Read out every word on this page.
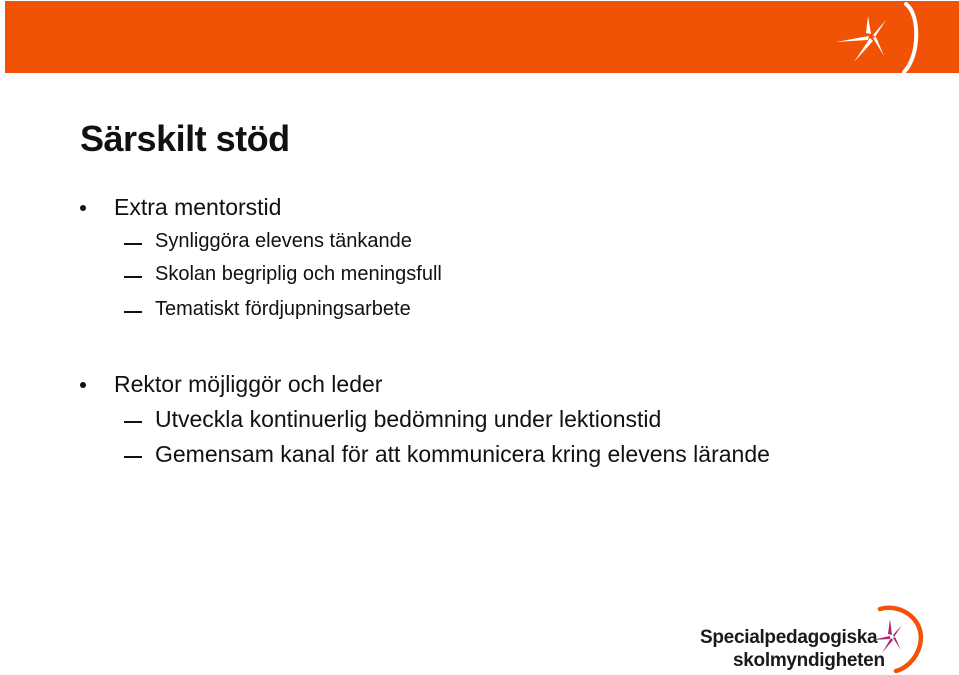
Särskilt stöd
Extra mentorstid
Synliggöra elevens tänkande
Skolan begriplig och meningsfull
Tematiskt fördjupningsarbete
Rektor möjliggör och leder
Utveckla kontinuerlig bedömning under lektionstid
Gemensam kanal för att kommunicera kring elevens lärande
Specialpedagogiska
skolmyndigheten
